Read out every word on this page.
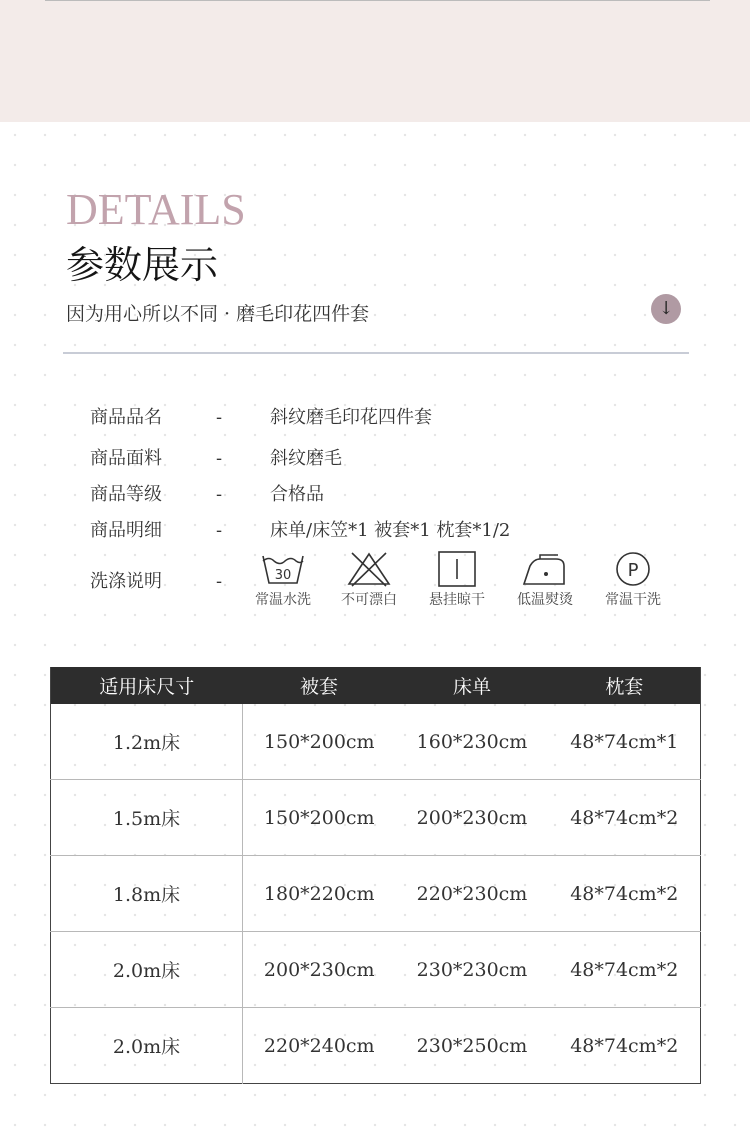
DETAILS
参数展示
因为用心所以不同 · 磨毛印花四件套	↓
商品品名	-	斜纹磨毛印花四件套
商品面料	-	斜纹磨毛
商品等级	-	合格品
商品明细	-	床单/床笠*1 被套*1 枕套*1/2
洗涤说明	-	30
常温水洗	不可漂白	悬挂晾干	低温熨烫
P
常温干洗
适用床尺寸	被套	床单	枕套
1.2m床	150*200cm	160*230cm	48*74cm*1
1.5m床	150*200cm	200*230cm	48*74cm*2
1.8m床	180*220cm	220*230cm	48*74cm*2
2.0m床	200*230cm	230*230cm	48*74cm*2
2.0m床	220*240cm	230*250cm	48*74cm*2
